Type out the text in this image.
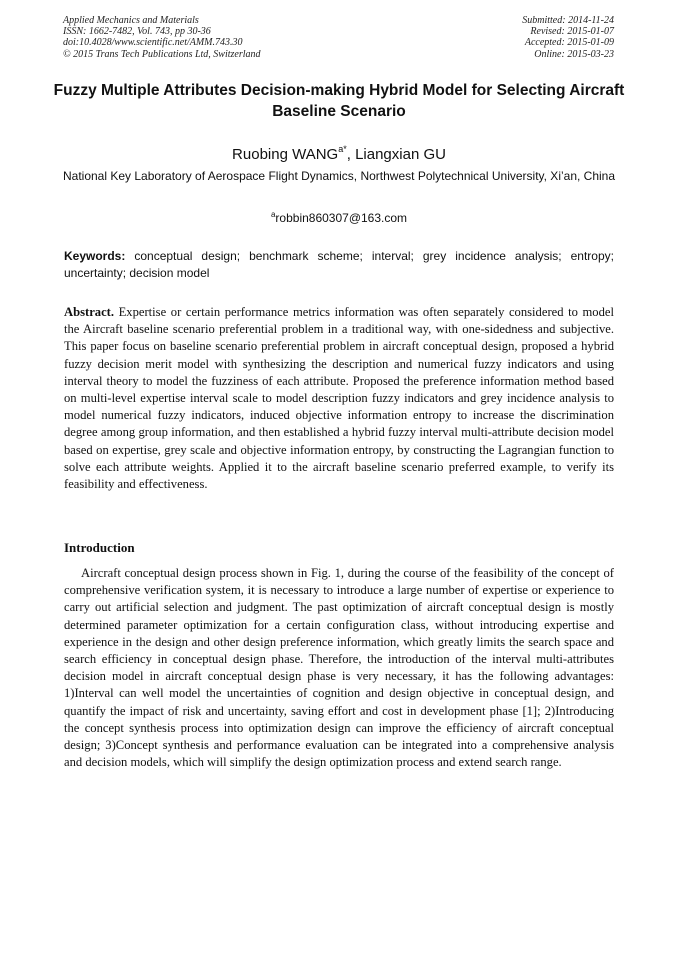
Applied Mechanics and Materials
ISSN: 1662-7482, Vol. 743, pp 30-36
doi:10.4028/www.scientific.net/AMM.743.30
© 2015 Trans Tech Publications Ltd, Switzerland
Submitted: 2014-11-24
Revised: 2015-01-07
Accepted: 2015-01-09
Online: 2015-03-23
Fuzzy Multiple Attributes Decision-making Hybrid Model for Selecting Aircraft Baseline Scenario
Ruobing $WANG^{a*}$, Liangxian GU
National Key Laboratory of Aerospace Flight Dynamics, Northwest Polytechnical University, Xi’an, China
$^a$robbin860307@163.com
Keywords: conceptual design; benchmark scheme; interval; grey incidence analysis; entropy; uncertainty; decision model
Abstract. Expertise or certain performance metrics information was often separately considered to model the Aircraft baseline scenario preferential problem in a traditional way, with one-sidedness and subjective. This paper focus on baseline scenario preferential problem in aircraft conceptual design, proposed a hybrid fuzzy decision merit model with synthesizing the description and numerical fuzzy indicators and using interval theory to model the fuzziness of each attribute. Proposed the preference information method based on multi-level expertise interval scale to model description fuzzy indicators and grey incidence analysis to model numerical fuzzy indicators, induced objective information entropy to increase the discrimination degree among group information, and then established a hybrid fuzzy interval multi-attribute decision model based on expertise, grey scale and objective information entropy, by constructing the Lagrangian function to solve each attribute weights. Applied it to the aircraft baseline scenario preferred example, to verify its feasibility and effectiveness.
Introduction
Aircraft conceptual design process shown in Fig. 1, during the course of the feasibility of the concept of comprehensive verification system, it is necessary to introduce a large number of expertise or experience to carry out artificial selection and judgment. The past optimization of aircraft conceptual design is mostly determined parameter optimization for a certain configuration class, without introducing expertise and experience in the design and other design preference information, which greatly limits the search space and search efficiency in conceptual design phase. Therefore, the introduction of the interval multi-attributes decision model in aircraft conceptual design phase is very necessary, it has the following advantages: 1)Interval can well model the uncertainties of cognition and design objective in conceptual design, and quantify the impact of risk and uncertainty, saving effort and cost in development phase [1]; 2)Introducing the concept synthesis process into optimization design can improve the efficiency of aircraft conceptual design; 3)Concept synthesis and performance evaluation can be integrated into a comprehensive analysis and decision models, which will simplify the design optimization process and extend search range.
